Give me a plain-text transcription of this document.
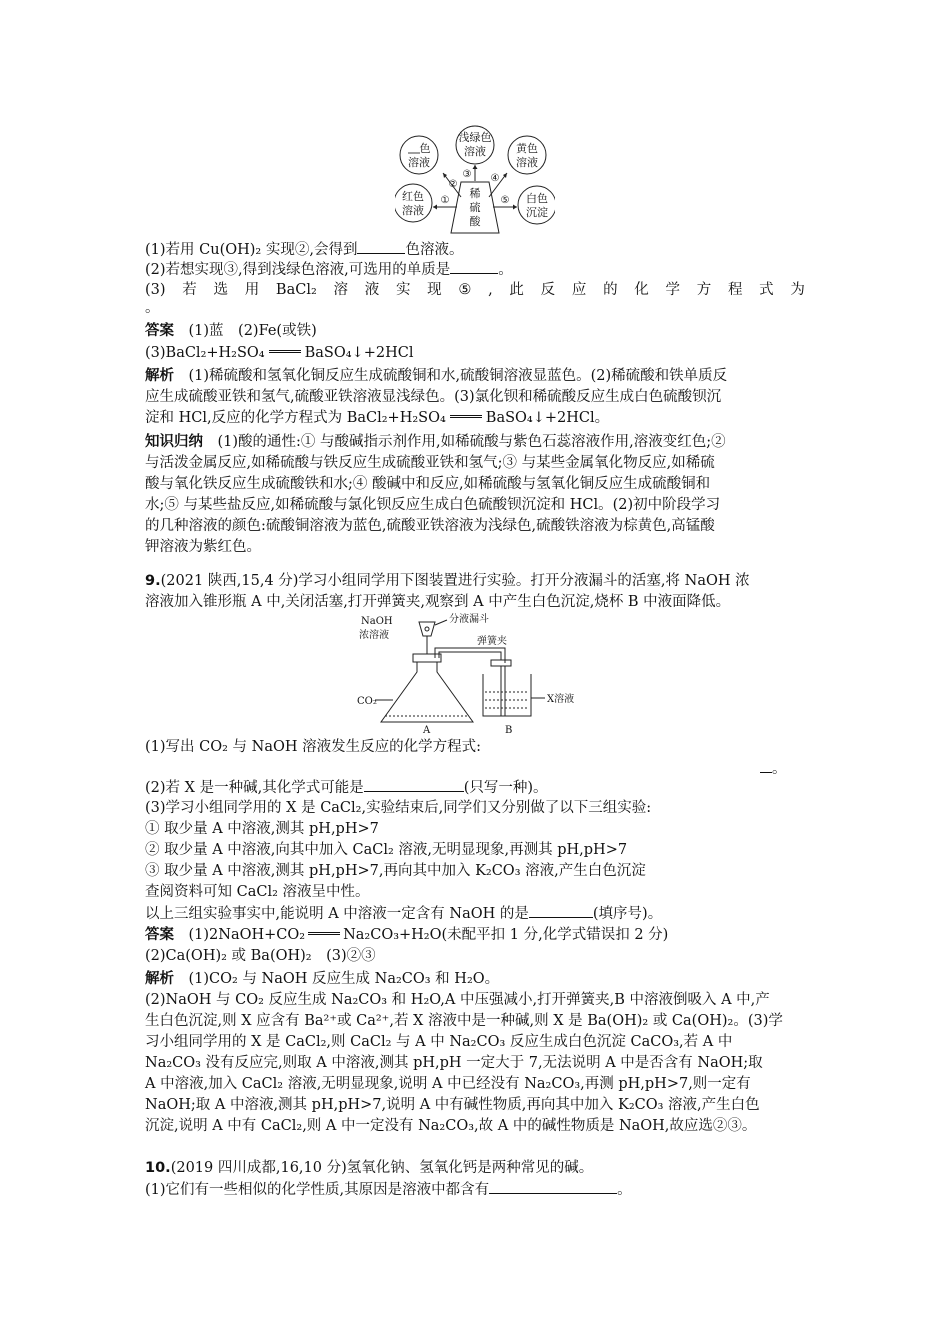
色
溶液
浅绿色
溶液	黄色
溶液
红色
溶液
白色
沉淀
稀
硫
酸
①
②
③ ④
⑤
(1)若用 Cu(OH)₂ 实现②,会得到	色溶液。
(2)若想实现③,得到浅绿色溶液,可选用的单质是	。
(3) 若 选 用 BaCl₂ 溶 液 实 现 ⑤ , 此 反 应 的 化 学 方 程 式 为
。
答案　 (1)蓝　(2)Fe(或铁)
(3)BaCl₂+H₂SO₄	BaSO₄↓+2HCl
解析　 (1)稀硫酸和氢氧化铜反应生成硫酸铜和水,硫酸铜溶液显蓝色。(2)稀硫酸和铁单质反
应生成硫酸亚铁和氢气,硫酸亚铁溶液显浅绿色。(3)氯化钡和稀硫酸反应生成白色硫酸钡沉
淀和 HCl,反应的化学方程式为 BaCl₂+H₂SO₄	BaSO₄↓+2HCl。
知识归纳　 (1)酸的通性:① 与酸碱指示剂作用,如稀硫酸与紫色石蕊溶液作用,溶液变红色;②
与活泼金属反应,如稀硫酸与铁反应生成硫酸亚铁和氢气;③ 与某些金属氧化物反应,如稀硫
酸与氧化铁反应生成硫酸铁和水;④ 酸碱中和反应,如稀硫酸与氢氧化铜反应生成硫酸铜和
水;⑤ 与某些盐反应,如稀硫酸与氯化钡反应生成白色硫酸钡沉淀和 HCl。(2)初中阶段学习
的几种溶液的颜色:硫酸铜溶液为蓝色,硫酸亚铁溶液为浅绿色,硫酸铁溶液为棕黄色,高锰酸
钾溶液为紫红色。
9.(2021 陕西,15,4 分)学习小组同学用下图装置进行实验。打开分液漏斗的活塞,将 NaOH 浓
溶液加入锥形瓶 A 中,关闭活塞,打开弹簧夹,观察到 A 中产生白色沉淀,烧杯 B 中液面降低。
NaOH
浓溶液
分液漏斗
弹簧夹
CO₂
A	B
X溶液
(1)写出 CO₂ 与 NaOH 溶液发生反应的化学方程式:
。
(2)若 X 是一种碱,其化学式可能是	(只写一种)。
(3)学习小组同学用的 X 是 CaCl₂,实验结束后,同学们又分别做了以下三组实验:
① 取少量 A 中溶液,测其 pH,pH>7
② 取少量 A 中溶液,向其中加入 CaCl₂ 溶液,无明显现象,再测其 pH,pH>7
③ 取少量 A 中溶液,测其 pH,pH>7,再向其中加入 K₂CO₃ 溶液,产生白色沉淀
查阅资料可知 CaCl₂ 溶液呈中性。
以上三组实验事实中,能说明 A 中溶液一定含有 NaOH 的是	(填序号)。
答案　 (1)2NaOH+CO₂	Na₂CO₃+H₂O(未配平扣 1 分,化学式错误扣 2 分)
(2)Ca(OH)₂ 或 Ba(OH)₂　(3)②③
解析　 (1)CO₂ 与 NaOH 反应生成 Na₂CO₃ 和 H₂O。
(2)NaOH 与 CO₂ 反应生成 Na₂CO₃ 和 H₂O,A 中压强减小,打开弹簧夹,B 中溶液倒吸入 A 中,产
生白色沉淀,则 X 应含有 Ba²⁺或 Ca²⁺,若 X 溶液中是一种碱,则 X 是 Ba(OH)₂ 或 Ca(OH)₂。(3)学
习小组同学用的 X 是 CaCl₂,则 CaCl₂ 与 A 中 Na₂CO₃ 反应生成白色沉淀 CaCO₃,若 A 中
Na₂CO₃ 没有反应完,则取 A 中溶液,测其 pH,pH 一定大于 7,无法说明 A 中是否含有 NaOH;取
A 中溶液,加入 CaCl₂ 溶液,无明显现象,说明 A 中已经没有 Na₂CO₃,再测 pH,pH>7,则一定有
NaOH;取 A 中溶液,测其 pH,pH>7,说明 A 中有碱性物质,再向其中加入 K₂CO₃ 溶液,产生白色
沉淀,说明 A 中有 CaCl₂,则 A 中一定没有 Na₂CO₃,故 A 中的碱性物质是 NaOH,故应选②③。
10.(2019 四川成都,16,10 分)氢氧化钠、氢氧化钙是两种常见的碱。
(1)它们有一些相似的化学性质,其原因是溶液中都含有	。
